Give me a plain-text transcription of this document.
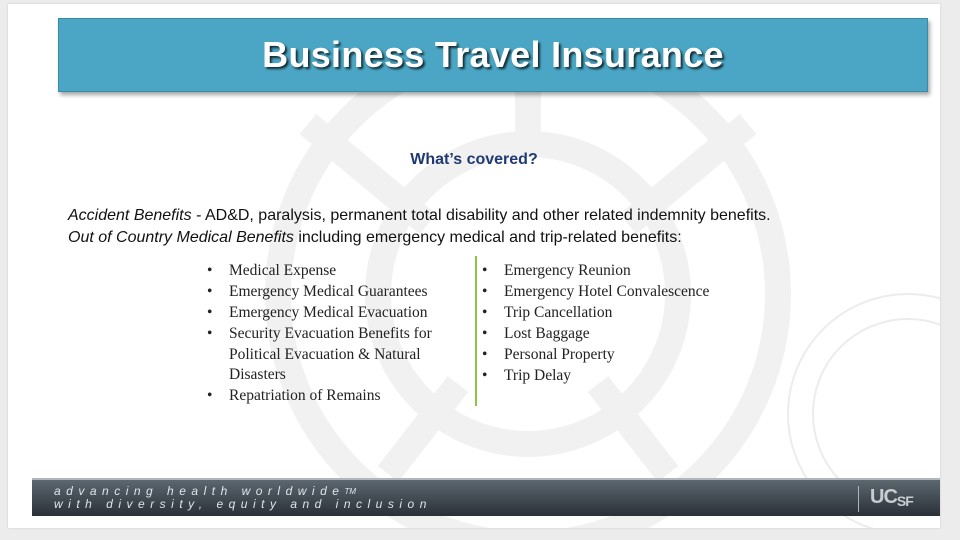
Business Travel Insurance
What’s covered?

Accident Benefits - AD&D, paralysis, permanent total disability and other related indemnity benefits.

Out of Country Medical Benefits including emergency medical and trip-related benefits:

• Medical Expense
• Emergency Medical Guarantees
• Emergency Medical Evacuation
• Security Evacuation Benefits for Political Evacuation & Natural Disasters
• Repatriation of Remains
• Emergency Reunion
• Emergency Hotel Convalescence
• Trip Cancellation
• Lost Baggage
• Personal Property
• Trip Delay
advancing health worldwide™
with diversity, equity and inclusion	UCSF
